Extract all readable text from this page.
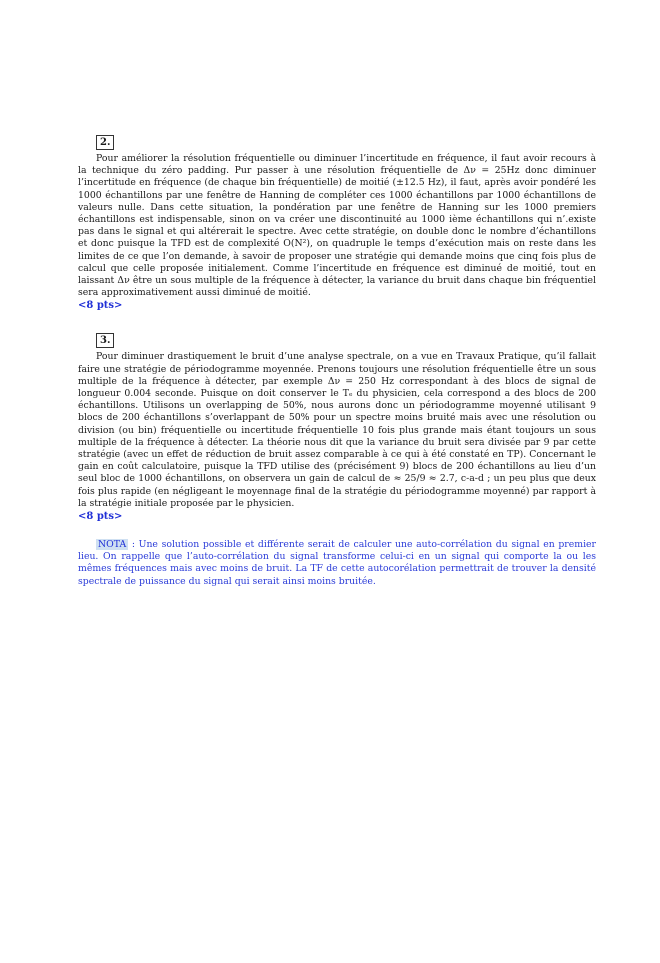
2.

Pour améliorer la résolution fréquentielle ou diminuer l’incertitude en fréquence, il faut avoir recours à la technique du zéro padding. Pur passer à une résolution fréquentielle de Δν = 25Hz donc diminuer l’incertitude en fréquence (de chaque bin fréquentielle) de moitié (±12.5 Hz), il faut, après avoir pondéré les 1000 échantillons par une fenêtre de Hanning de compléter ces 1000 échantillons par 1000 échantillons de valeurs nulle. Dans cette situation, la pondération par une fenêtre de Hanning sur les 1000 premiers échantillons est indispensable, sinon on va créer une discontinuité au 1000 ième échantillons qui n’.existe pas dans le signal et qui altérerait le spectre. Avec cette stratégie, on double donc le nombre d’échantillons et donc puisque la TFD est de complexité O(N²), on quadruple le temps d’exécution mais on reste dans les limites de ce que l’on demande, à savoir de proposer une stratégie qui demande moins que cinq fois plus de calcul que celle proposée initialement. Comme l’incertitude en fréquence est diminué de moitié, tout en laissant Δν être un sous multiple de la fréquence à détecter, la variance du bruit dans chaque bin fréquentiel sera approximativement aussi diminué de moitié.

<8 pts>
3.

Pour diminuer drastiquement le bruit d’une analyse spectrale, on a vue en Travaux Pratique, qu’il fallait faire une stratégie de périodogramme moyennée. Prenons toujours une résolution fréquentielle être un sous multiple de la fréquence à détecter, par exemple Δν = 250 Hz correspondant à des blocs de signal de longueur 0.004 seconde. Puisque on doit conserver le Tₑ du physicien, cela correspond a des blocs de 200 échantillons. Utilisons un overlapping de 50%, nous aurons donc un périodogramme moyenné utilisant 9 blocs de 200 échantillons s’overlappant de 50% pour un spectre moins bruité mais avec une résolution ou division (ou bin) fréquentielle ou incertitude fréquentielle 10 fois plus grande mais étant toujours un sous multiple de la fréquence à détecter. La théorie nous dit que la variance du bruit sera divisée par 9 par cette stratégie (avec un effet de réduction de bruit assez comparable à ce qui à été constaté en TP). Concernant le gain en coût calculatoire, puisque la TFD utilise des (précisément 9) blocs de 200 échantillons au lieu d’un seul bloc de 1000 échantillons, on observera un gain de calcul de ≈ 25/9 ≈ 2.7, c-a-d ; un peu plus que deux fois plus rapide (en négligeant le moyennage final de la stratégie du périodogramme moyenné) par rapport à la stratégie initiale proposée par le physicien.

<8 pts>

NOTA : Une solution possible et différente serait de calculer une auto-corrélation du signal en premier lieu. On rappelle que l’auto-corrélation du signal transforme celui-ci en un signal qui comporte la ou les mêmes fréquences mais avec moins de bruit. La TF de cette autocorélation permettrait de trouver la densité spectrale de puissance du signal qui serait ainsi moins bruitée.
